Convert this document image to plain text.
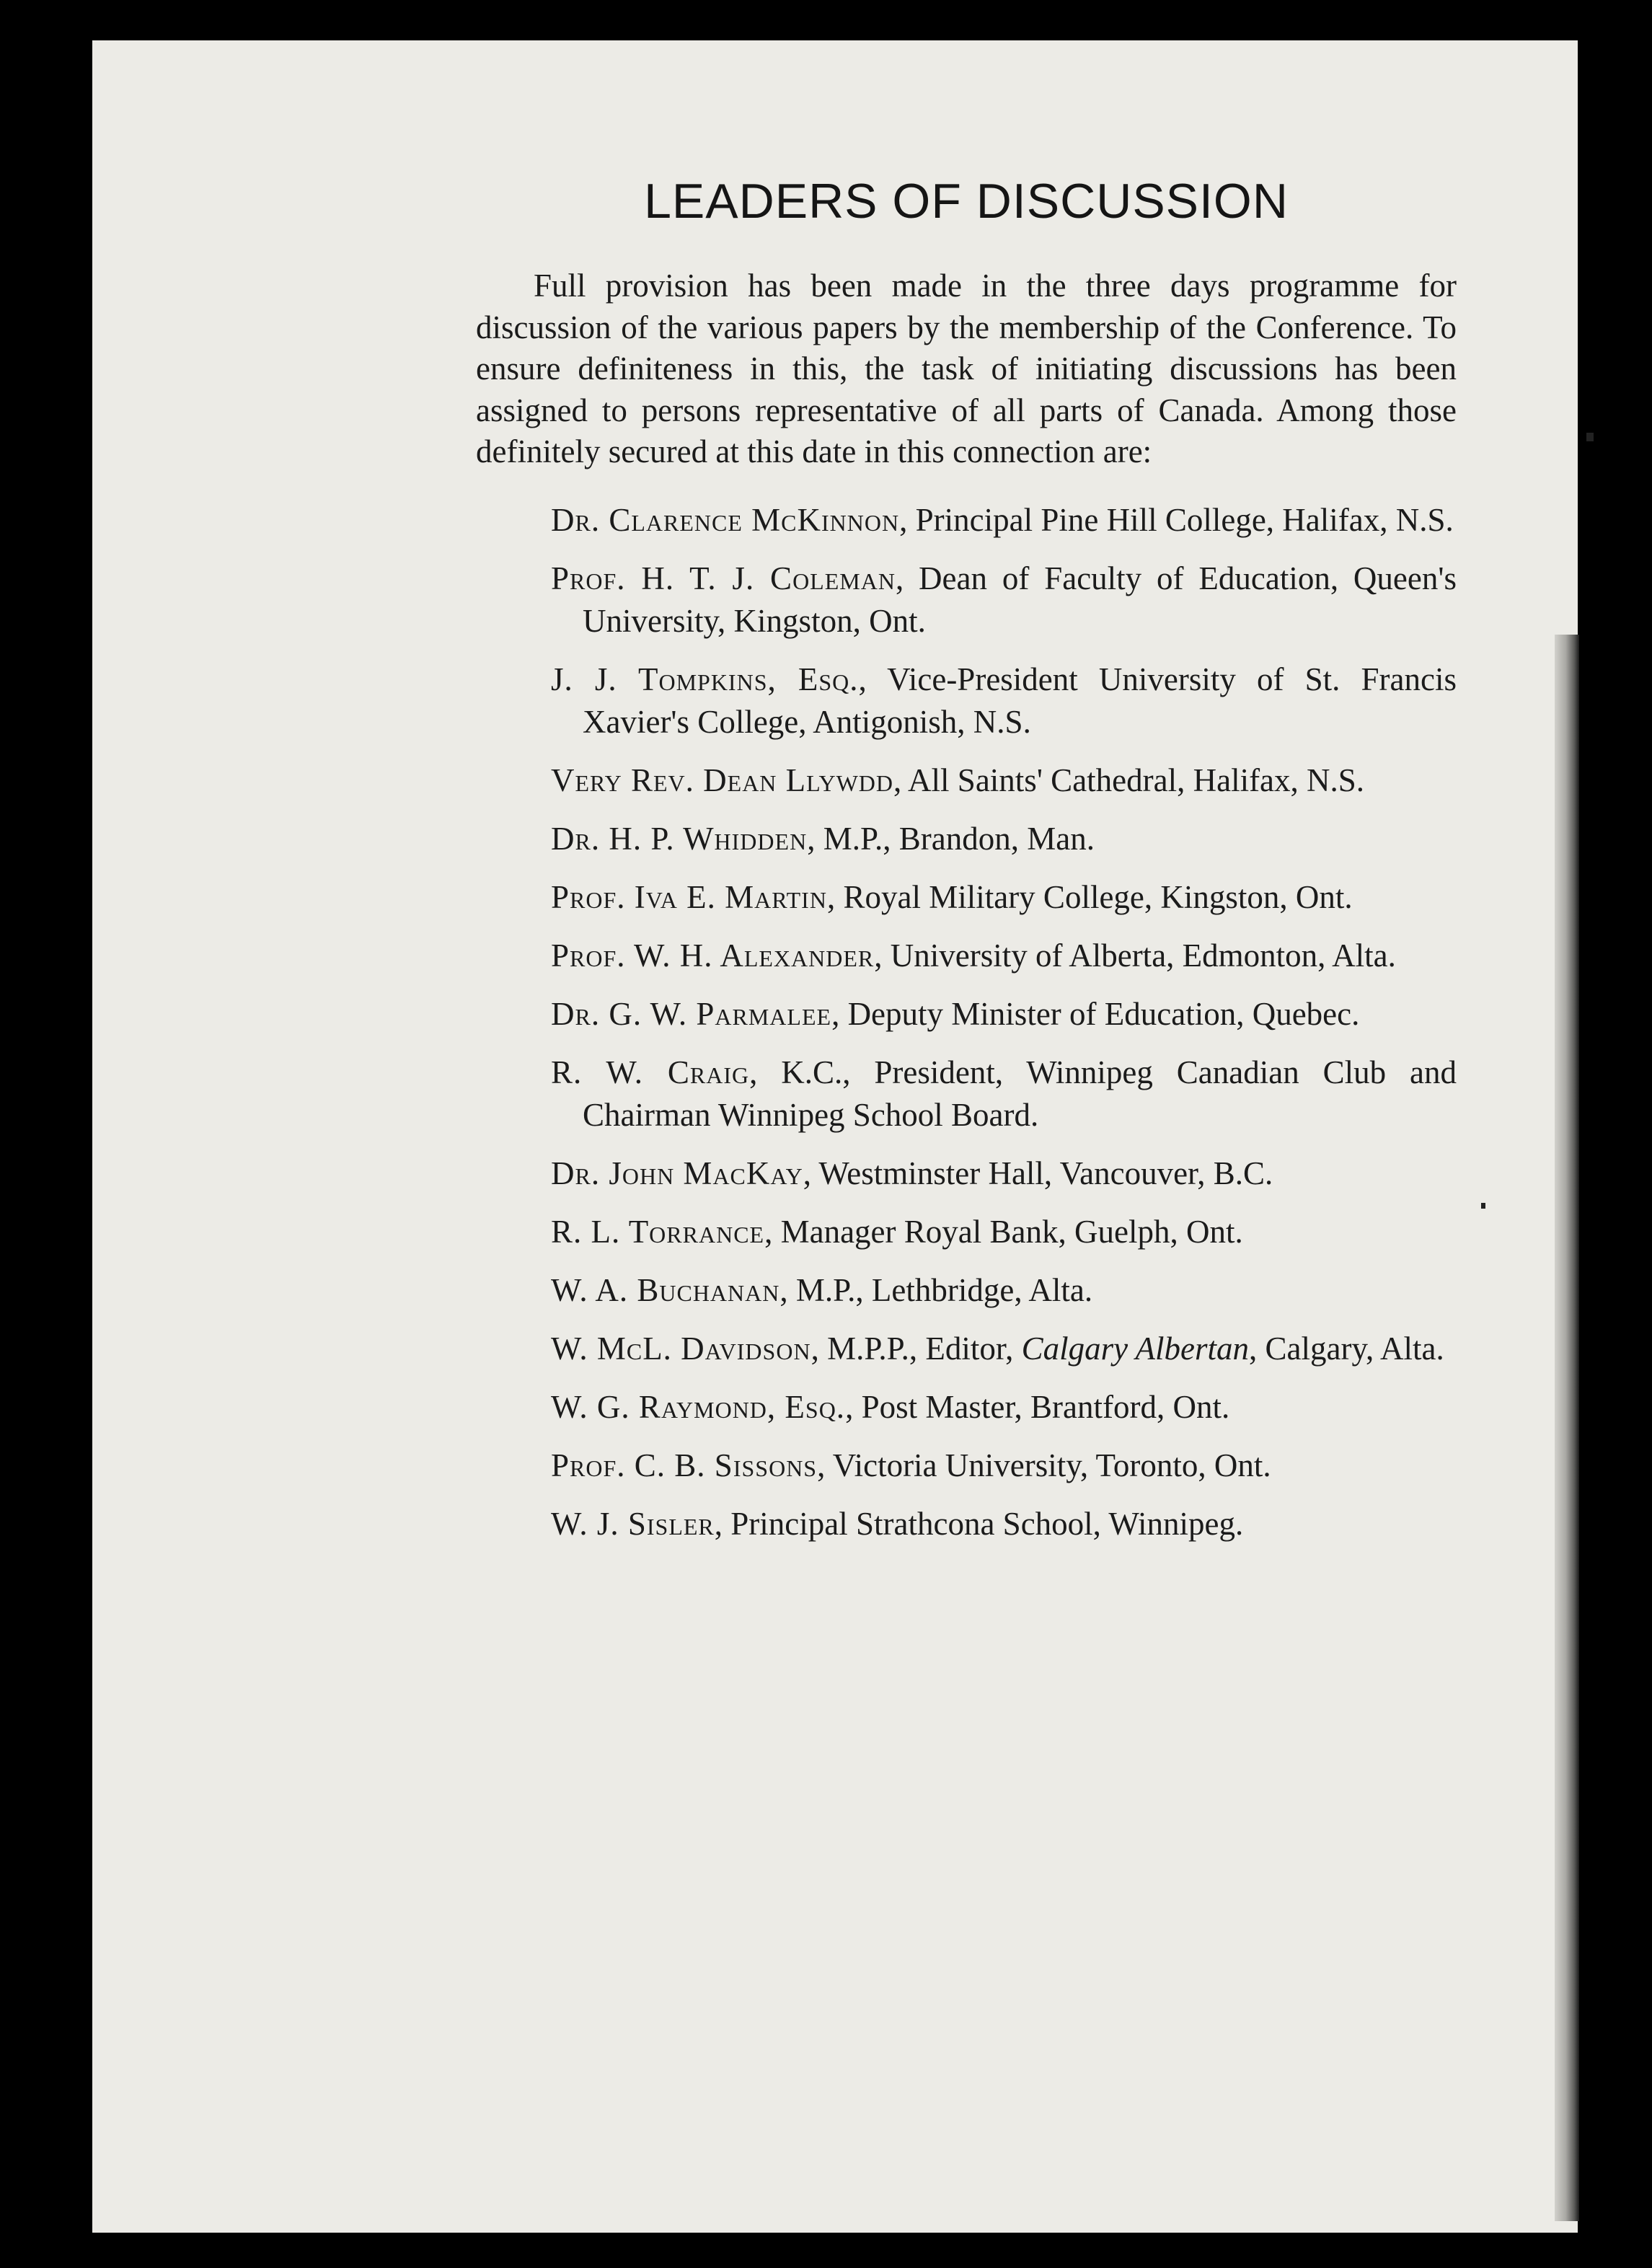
LEADERS OF DISCUSSION

Full provision has been made in the three days programme for discussion of the various papers by the membership of the Conference. To ensure definiteness in this, the task of initiating discussions has been assigned to persons representative of all parts of Canada. Among those definitely secured at this date in this connection are:

Dr. Clarence McKinnon, Principal Pine Hill College, Halifax, N.S.
Prof. H. T. J. Coleman, Dean of Faculty of Education, Queen's University, Kingston, Ont.
J. J. Tompkins, Esq., Vice-President University of St. Francis Xavier's College, Antigonish, N.S.
Very Rev. Dean Llywdd, All Saints' Cathedral, Halifax, N.S.
Dr. H. P. Whidden, M.P., Brandon, Man.
Prof. Iva E. Martin, Royal Military College, Kingston, Ont.
Prof. W. H. Alexander, University of Alberta, Edmonton, Alta.
Dr. G. W. Parmalee, Deputy Minister of Education, Quebec.
R. W. Craig, K.C., President, Winnipeg Canadian Club and Chairman Winnipeg School Board.
Dr. John MacKay, Westminster Hall, Vancouver, B.C.
R. L. Torrance, Manager Royal Bank, Guelph, Ont.
W. A. Buchanan, M.P., Lethbridge, Alta.
W. McL. Davidson, M.P.P., Editor, Calgary Albertan, Calgary, Alta.
W. G. Raymond, Esq., Post Master, Brantford, Ont.
Prof. C. B. Sissons, Victoria University, Toronto, Ont.
W. J. Sisler, Principal Strathcona School, Winnipeg.
